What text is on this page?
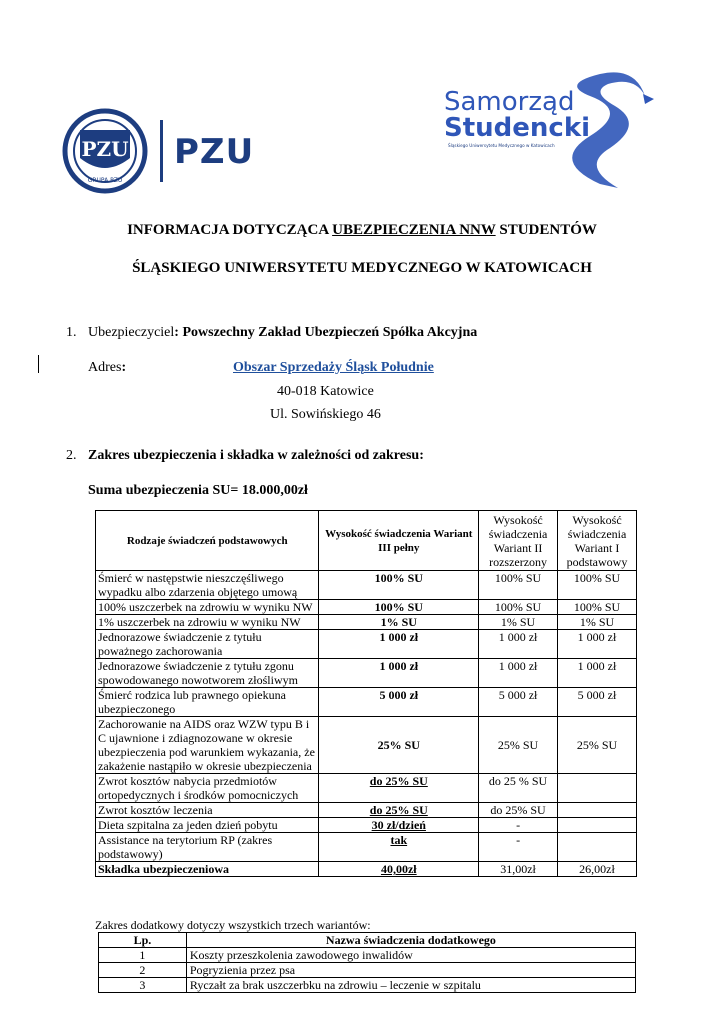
PZU
GRUPA PZU
PZU
Samorząd
Studencki
Śląskiego Uniwersytetu Medycznego w Katowicach
INFORMACJA DOTYCZĄCA UBEZPIECZENIA NNW STUDENTÓW
ŚLĄSKIEGO UNIWERSYTETU MEDYCZNEGO W KATOWICACH
1. Ubezpieczyciel: Powszechny Zakład Ubezpieczeń Spółka Akcyjna
Adres:	Obszar Sprzedaży Śląsk Południe
40-018 Katowice
Ul. Sowińskiego 46
2. Zakres ubezpieczenia i składka w zależności od zakresu:
Suma ubezpieczenia SU= 18.000,00zł
Rodzaje świadczeń podstawowych	Wysokość świadczenia Wariant III pełny	Wysokość świadczenia Wariant II rozszerzony	Wysokość świadczenia Wariant I podstawowy
Śmierć w następstwie nieszczęśliwego wypadku albo zdarzenia objętego umową	100% SU	100% SU	100% SU
100% uszczerbek na zdrowiu w wyniku NW	100% SU	100% SU	100% SU
1% uszczerbek na zdrowiu w wyniku NW	1% SU	1% SU	1% SU
Jednorazowe świadczenie z tytułu poważnego zachorowania	1 000 zł	1 000 zł	1 000 zł
Jednorazowe świadczenie z tytułu zgonu spowodowanego nowotworem złośliwym	1 000 zł	1 000 zł	1 000 zł
Śmierć rodzica lub prawnego opiekuna ubezpieczonego	5 000 zł	5 000 zł	5 000 zł
Zachorowanie na AIDS oraz WZW typu B i C ujawnione i zdiagnozowane w okresie ubezpieczenia pod warunkiem wykazania, że zakażenie nastąpiło w okresie ubezpieczenia	25% SU	25% SU	25% SU
Zwrot kosztów nabycia przedmiotów ortopedycznych i środków pomocniczych	do 25% SU	do 25 % SU	
Zwrot kosztów leczenia	do 25% SU	do 25% SU	
Dieta szpitalna za jeden dzień pobytu	30 zł/dzień	-	
Assistance na terytorium RP (zakres podstawowy)	tak	-	
Składka ubezpieczeniowa	40,00zł	31,00zł	26,00zł
Zakres dodatkowy dotyczy wszystkich trzech wariantów:
Lp.	Nazwa świadczenia dodatkowego
1	Koszty przeszkolenia zawodowego inwalidów
2	Pogryzienia przez psa
3	Ryczałt za brak uszczerbku na zdrowiu – leczenie w szpitalu
